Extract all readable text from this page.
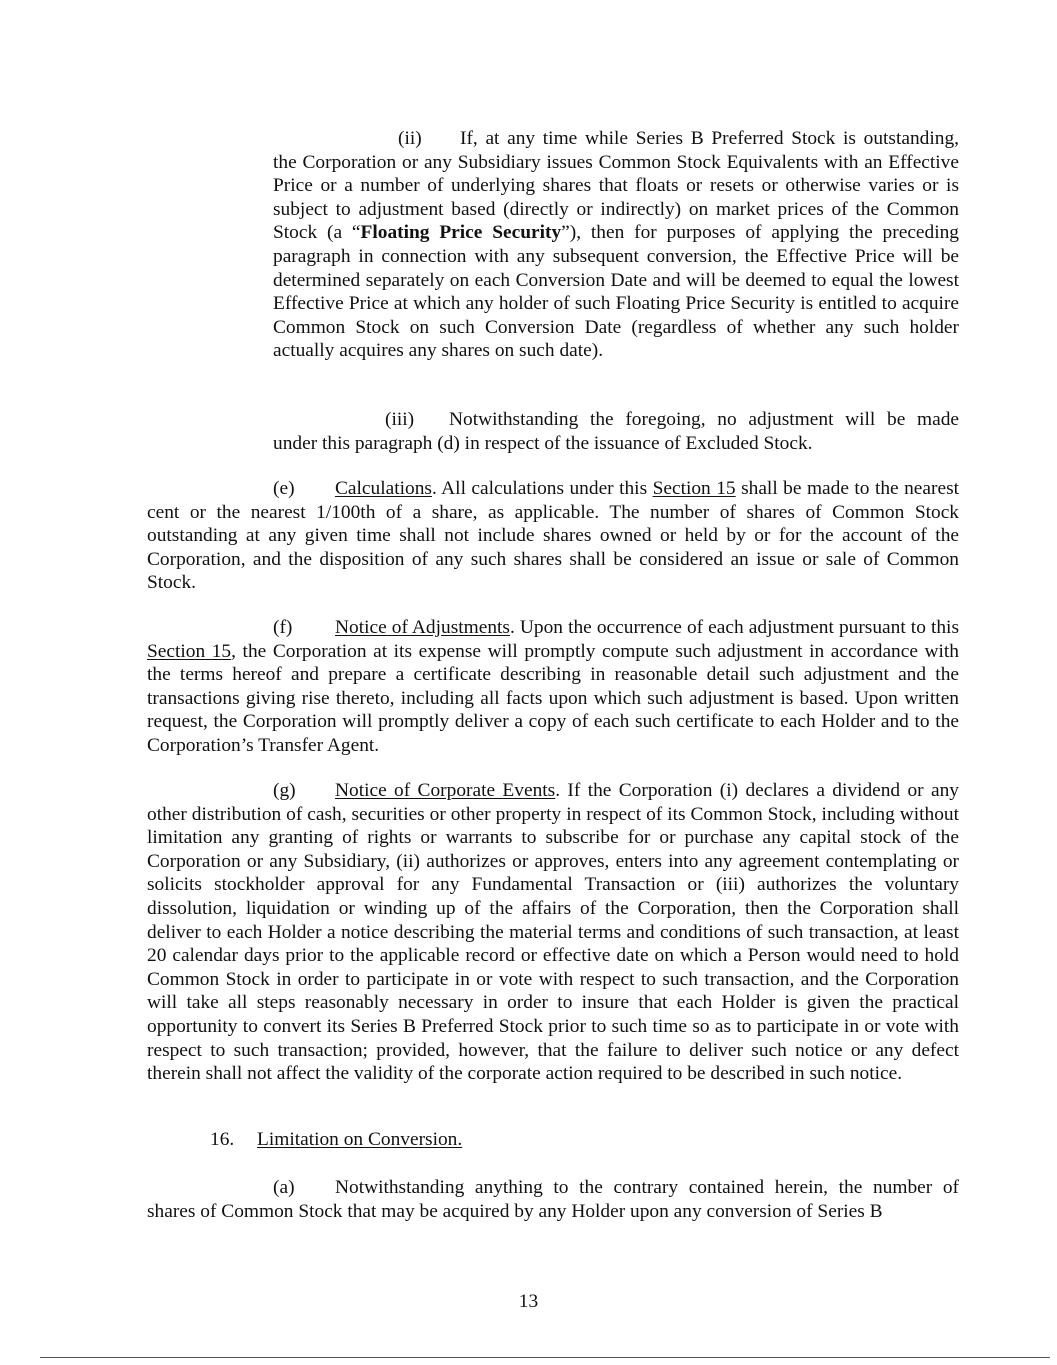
(ii) If, at any time while Series B Preferred Stock is outstanding, the Corporation or any Subsidiary issues Common Stock Equivalents with an Effective Price or a number of underlying shares that floats or resets or otherwise varies or is subject to adjustment based (directly or indirectly) on market prices of the Common Stock (a “Floating Price Security”), then for purposes of applying the preceding paragraph in connection with any subsequent conversion, the Effective Price will be determined separately on each Conversion Date and will be deemed to equal the lowest Effective Price at which any holder of such Floating Price Security is entitled to acquire Common Stock on such Conversion Date (regardless of whether any such holder actually acquires any shares on such date).

(iii) Notwithstanding the foregoing, no adjustment will be made under this paragraph (d) in respect of the issuance of Excluded Stock.

(e) Calculations. All calculations under this Section 15 shall be made to the nearest cent or the nearest 1/100th of a share, as applicable. The number of shares of Common Stock outstanding at any given time shall not include shares owned or held by or for the account of the Corporation, and the disposition of any such shares shall be considered an issue or sale of Common Stock.

(f) Notice of Adjustments. Upon the occurrence of each adjustment pursuant to this Section 15, the Corporation at its expense will promptly compute such adjustment in accordance with the terms hereof and prepare a certificate describing in reasonable detail such adjustment and the transactions giving rise thereto, including all facts upon which such adjustment is based. Upon written request, the Corporation will promptly deliver a copy of each such certificate to each Holder and to the Corporation’s Transfer Agent.

(g) Notice of Corporate Events. If the Corporation (i) declares a dividend or any other distribution of cash, securities or other property in respect of its Common Stock, including without limitation any granting of rights or warrants to subscribe for or purchase any capital stock of the Corporation or any Subsidiary, (ii) authorizes or approves, enters into any agreement contemplating or solicits stockholder approval for any Fundamental Transaction or (iii) authorizes the voluntary dissolution, liquidation or winding up of the affairs of the Corporation, then the Corporation shall deliver to each Holder a notice describing the material terms and conditions of such transaction, at least 20 calendar days prior to the applicable record or effective date on which a Person would need to hold Common Stock in order to participate in or vote with respect to such transaction, and the Corporation will take all steps reasonably necessary in order to insure that each Holder is given the practical opportunity to convert its Series B Preferred Stock prior to such time so as to participate in or vote with respect to such transaction; provided, however, that the failure to deliver such notice or any defect therein shall not affect the validity of the corporate action required to be described in such notice.

16. Limitation on Conversion.

(a) Notwithstanding anything to the contrary contained herein, the number of shares of Common Stock that may be acquired by any Holder upon any conversion of Series B

13
